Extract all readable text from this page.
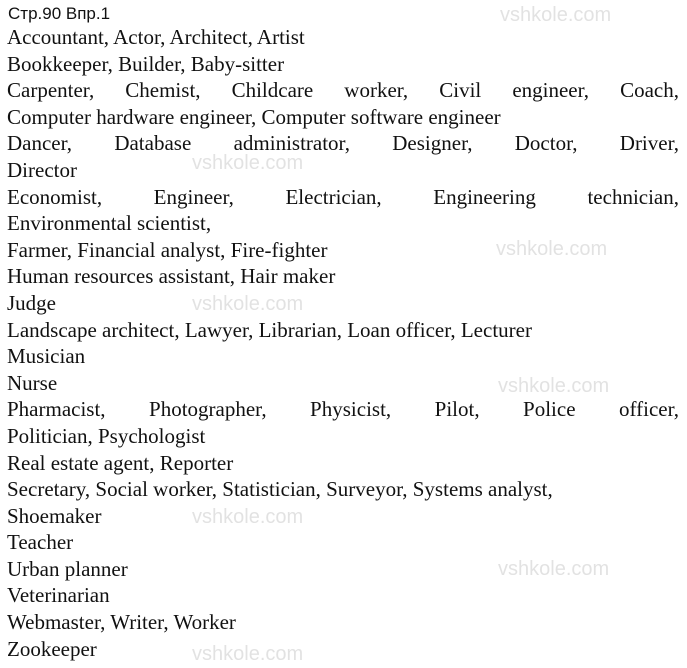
vshkole.com
vshkole.com
vshkole.com
vshkole.com
vshkole.com
vshkole.com
vshkole.com
vshkole.com
Стр.90 Впр.1
Accountant, Actor, Architect, Artist
Bookkeeper, Builder, Baby-sitter
Carpenter, Chemist, Childcare worker, Civil engineer, Coach,
Computer hardware engineer, Computer software engineer
Dancer, Database administrator, Designer, Doctor, Driver,
Director
Economist, Engineer, Electrician, Engineering technician,
Environmental scientist,
Farmer, Financial analyst, Fire-fighter
Human resources assistant, Hair maker
Judge
Landscape architect, Lawyer, Librarian, Loan officer, Lecturer
Musician
Nurse
Pharmacist, Photographer, Physicist, Pilot, Police officer,
Politician, Psychologist
Real estate agent, Reporter
Secretary, Social worker, Statistician, Surveyor, Systems analyst,
Shoemaker
Teacher
Urban planner
Veterinarian
Webmaster, Writer, Worker
Zookeeper
